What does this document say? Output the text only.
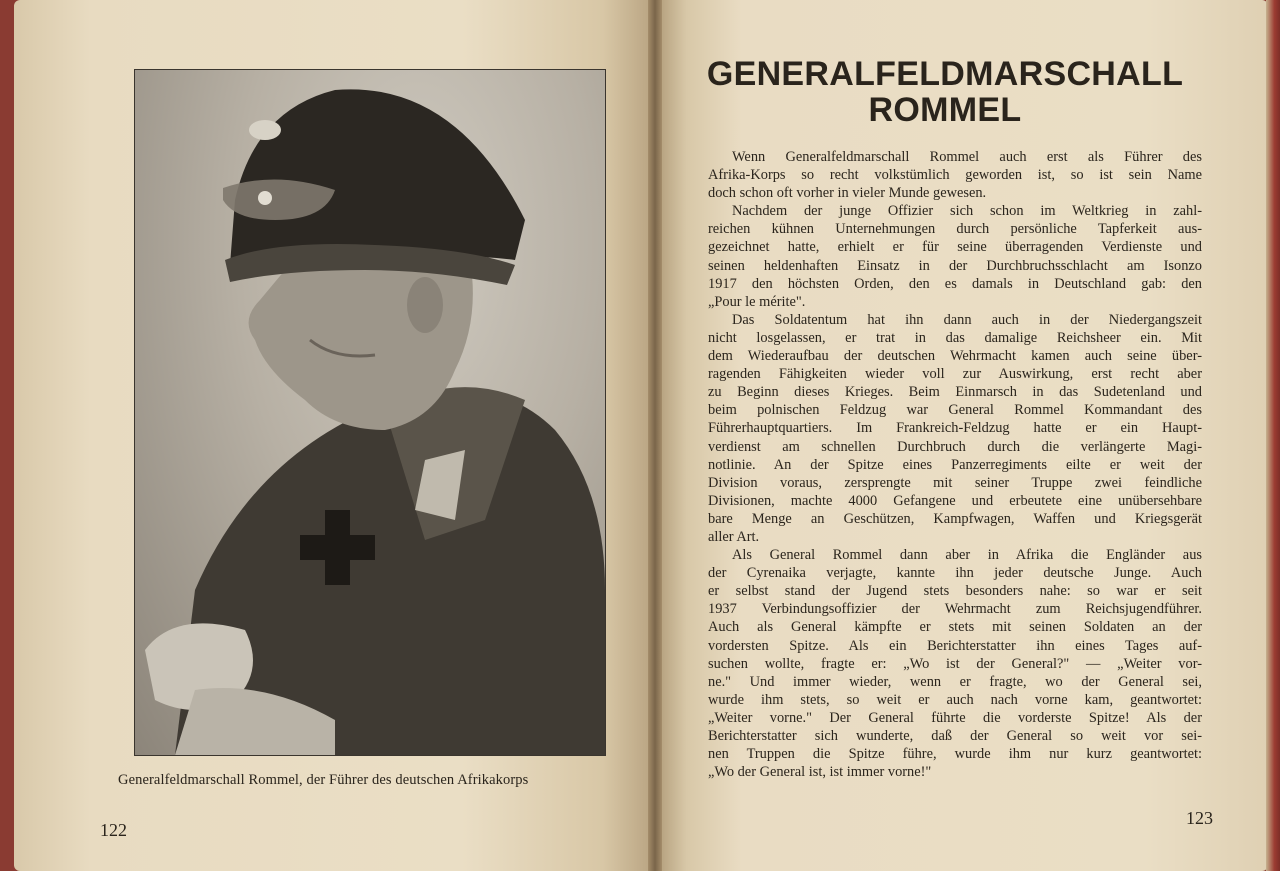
Generalfeldmarschall Rommel, der Führer des deutschen Afrikakorps
122
GENERALFELDMARSCHALL
ROMMEL
Wenn Generalfeldmarschall Rommel auch erst als Führer des
Afrika-Korps so recht volkstümlich geworden ist, so ist sein Name
doch schon oft vorher in vieler Munde gewesen.
Nachdem der junge Offizier sich schon im Weltkrieg in zahl-
reichen kühnen Unternehmungen durch persönliche Tapferkeit aus-
gezeichnet hatte, erhielt er für seine überragenden Verdienste und
seinen heldenhaften Einsatz in der Durchbruchsschlacht am Isonzo
1917 den höchsten Orden, den es damals in Deutschland gab: den
„Pour le mérite".
Das Soldatentum hat ihn dann auch in der Niedergangszeit
nicht losgelassen, er trat in das damalige Reichsheer ein. Mit
dem Wiederaufbau der deutschen Wehrmacht kamen auch seine über-
ragenden Fähigkeiten wieder voll zur Auswirkung, erst recht aber
zu Beginn dieses Krieges. Beim Einmarsch in das Sudetenland und
beim polnischen Feldzug war General Rommel Kommandant des
Führerhauptquartiers. Im Frankreich-Feldzug hatte er ein Haupt-
verdienst am schnellen Durchbruch durch die verlängerte Magi-
notlinie. An der Spitze eines Panzerregiments eilte er weit der
Division voraus, zersprengte mit seiner Truppe zwei feindliche
Divisionen, machte 4000 Gefangene und erbeutete eine unübersehbare
bare Menge an Geschützen, Kampfwagen, Waffen und Kriegsgerät
aller Art.
Als General Rommel dann aber in Afrika die Engländer aus
der Cyrenaika verjagte, kannte ihn jeder deutsche Junge. Auch
er selbst stand der Jugend stets besonders nahe: so war er seit
1937 Verbindungsoffizier der Wehrmacht zum Reichsjugendführer.
Auch als General kämpfte er stets mit seinen Soldaten an der
vordersten Spitze. Als ein Berichterstatter ihn eines Tages auf-
suchen wollte, fragte er: „Wo ist der General?" — „Weiter vor-
ne." Und immer wieder, wenn er fragte, wo der General sei,
wurde ihm stets, so weit er auch nach vorne kam, geantwortet:
„Weiter vorne." Der General führte die vorderste Spitze! Als der
Berichterstatter sich wunderte, daß der General so weit vor sei-
nen Truppen die Spitze führe, wurde ihm nur kurz geantwortet:
„Wo der General ist, ist immer vorne!"
123
